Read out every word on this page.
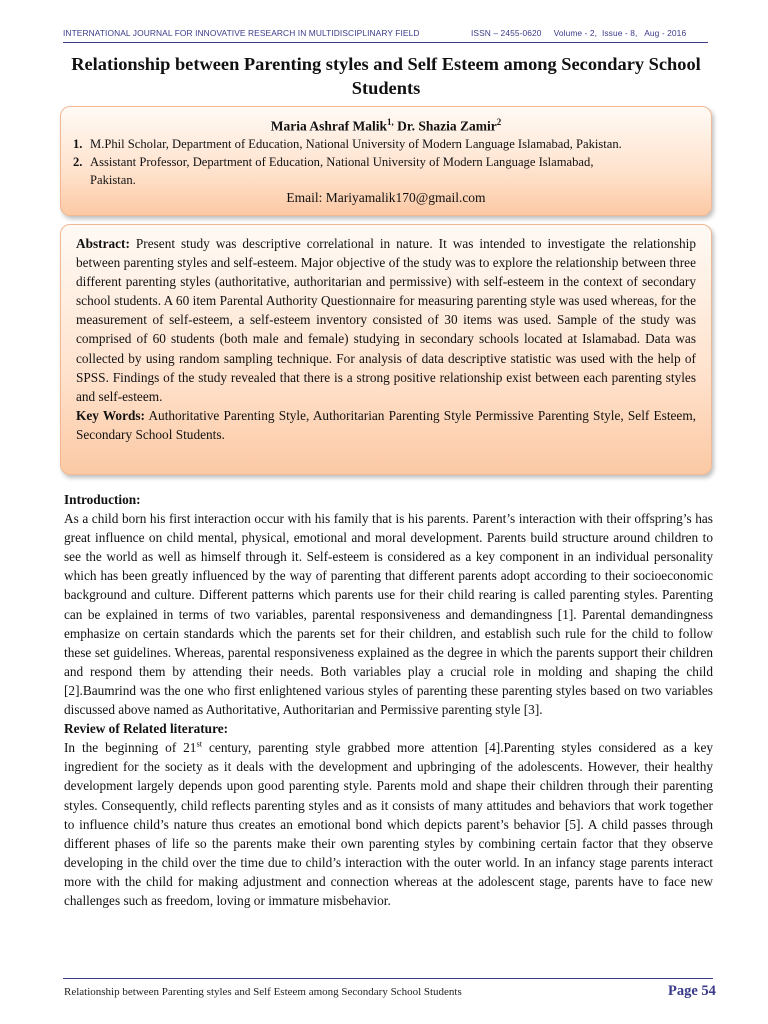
INTERNATIONAL JOURNAL FOR INNOVATIVE RESEARCH IN MULTIDISCIPLINARY FIELD	ISSN – 2455-0620     Volume - 2,  Issue - 8,   Aug - 2016
Relationship between Parenting styles and Self Esteem among Secondary School Students
Maria Ashraf Malik$^{1,}$ Dr. Shazia Zamir$^2$
1. M.Phil Scholar, Department of Education, National University of Modern Language Islamabad, Pakistan.
2. Assistant Professor, Department of Education, National University of Modern Language Islamabad,
Pakistan.
Email: Mariyamalik170@gmail.com
Abstract: Present study was descriptive correlational in nature. It was intended to investigate the relationship between parenting styles and self-esteem. Major objective of the study was to explore the relationship between three different parenting styles (authoritative, authoritarian and permissive) with self-esteem in the context of secondary school students. A 60 item Parental Authority Questionnaire for measuring parenting style was used whereas, for the measurement of self-esteem, a self-esteem inventory consisted of 30 items was used. Sample of the study was comprised of 60 students (both male and female) studying in secondary schools located at Islamabad. Data was collected by using random sampling technique. For analysis of data descriptive statistic was used with the help of SPSS. Findings of the study revealed that there is a strong positive relationship exist between each parenting styles and self-esteem.
Key Words: Authoritative Parenting Style, Authoritarian Parenting Style Permissive Parenting Style, Self Esteem, Secondary School Students.

Introduction:

As a child born his first interaction occur with his family that is his parents. Parent’s interaction with their offspring’s has great influence on child mental, physical, emotional and moral development. Parents build structure around children to see the world as well as himself through it. Self-esteem is considered as a key component in an individual personality which has been greatly influenced by the way of parenting that different parents adopt according to their socioeconomic background and culture. Different patterns which parents use for their child rearing is called parenting styles. Parenting can be explained in terms of two variables, parental responsiveness and demandingness [1]. Parental demandingness emphasize on certain standards which the parents set for their children, and establish such rule for the child to follow these set guidelines. Whereas, parental responsiveness explained as the degree in which the parents support their children and respond them by attending their needs. Both variables play a crucial role in molding and shaping the child [2].Baumrind was the one who first enlightened various styles of parenting these parenting styles based on two variables discussed above named as Authoritative, Authoritarian and Permissive parenting style [3].

Review of Related literature:

In the beginning of 21st century, parenting style grabbed more attention [4].Parenting styles considered as a key ingredient for the society as it deals with the development and upbringing of the adolescents. However, their healthy development largely depends upon good parenting style. Parents mold and shape their children through their parenting styles. Consequently, child reflects parenting styles and as it consists of many attitudes and behaviors that work together to influence child’s nature thus creates an emotional bond which depicts parent’s behavior [5]. A child passes through different phases of life so the parents make their own parenting styles by combining certain factor that they observe developing in the child over the time due to child’s interaction with the outer world. In an infancy stage parents interact more with the child for making adjustment and connection whereas at the adolescent stage, parents have to face new challenges such as freedom, loving or immature misbehavior.

Relationship between Parenting styles and Self Esteem among Secondary School Students	Page 54
